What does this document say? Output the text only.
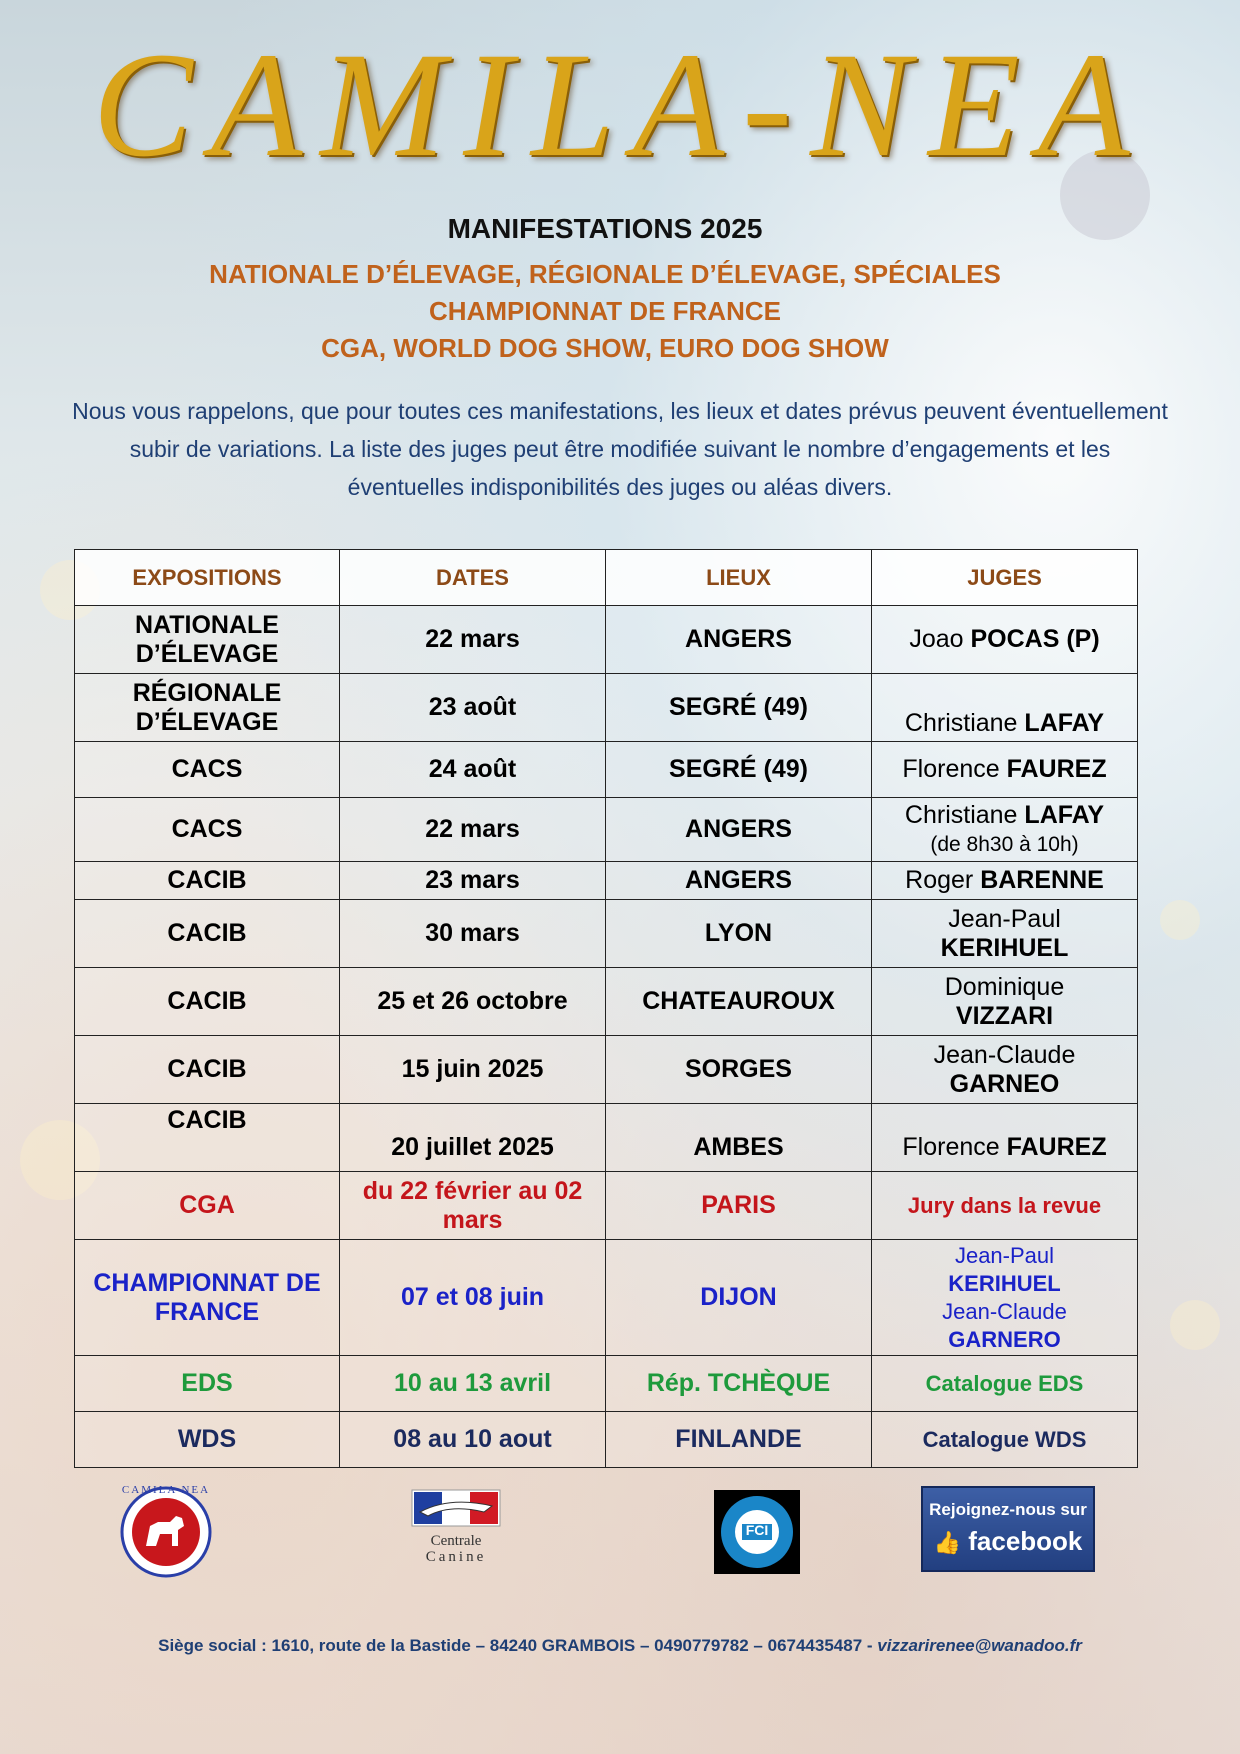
CAMILA-NEA
MANIFESTATIONS 2025
NATIONALE D’ÉLEVAGE, RÉGIONALE D’ÉLEVAGE, SPÉCIALES
CHAMPIONNAT DE FRANCE
CGA, WORLD DOG SHOW, EURO DOG SHOW
Nous vous rappelons, que pour toutes ces manifestations, les lieux et dates prévus peuvent éventuellement subir de variations. La liste des juges peut être modifiée suivant le nombre d’engagements et les éventuelles indisponibilités des juges ou aléas divers.
EXPOSITIONS	DATES	LIEUX	JUGES
NATIONALE D’ÉLEVAGE	22 mars	ANGERS	Joao POCAS (P)
RÉGIONALE D’ÉLEVAGE	23 août	SEGRÉ (49)	Christiane LAFAY
CACS	24 août	SEGRÉ (49)	Florence FAUREZ
CACS	22 mars	ANGERS	Christiane LAFAY
(de 8h30 à 10h)

CACIB	23 mars	ANGERS	Roger BARENNE
CACIB	30 mars	LYON	Jean-Paul
KERIHUEL

CACIB	25 et 26 octobre	CHATEAUROUX	Dominique
VIZZARI

CACIB	15 juin 2025	SORGES	Jean-Claude
GARNEO

CACIB	20 juillet 2025	AMBES	Florence FAUREZ
CGA	du 22 février au 02 mars	PARIS	Jury dans la revue
CHAMPIONNAT DE FRANCE	07 et 08 juin	DIJON	Jean-Paul
KERIHUEL
Jean-Claude
GARNERO

EDS	10 au 13 avril	Rép. TCHÈQUE	Catalogue EDS
WDS	08 au 10 aout	FINLANDE	Catalogue WDS
CAMILA NEA
Centrale
Canine
FCI
Rejoignez-nous sur
👍 facebook
Siège social : 1610, route de la Bastide – 84240 GRAMBOIS – 0490779782 – 0674435487 - vizzarirenee@wanadoo.fr
